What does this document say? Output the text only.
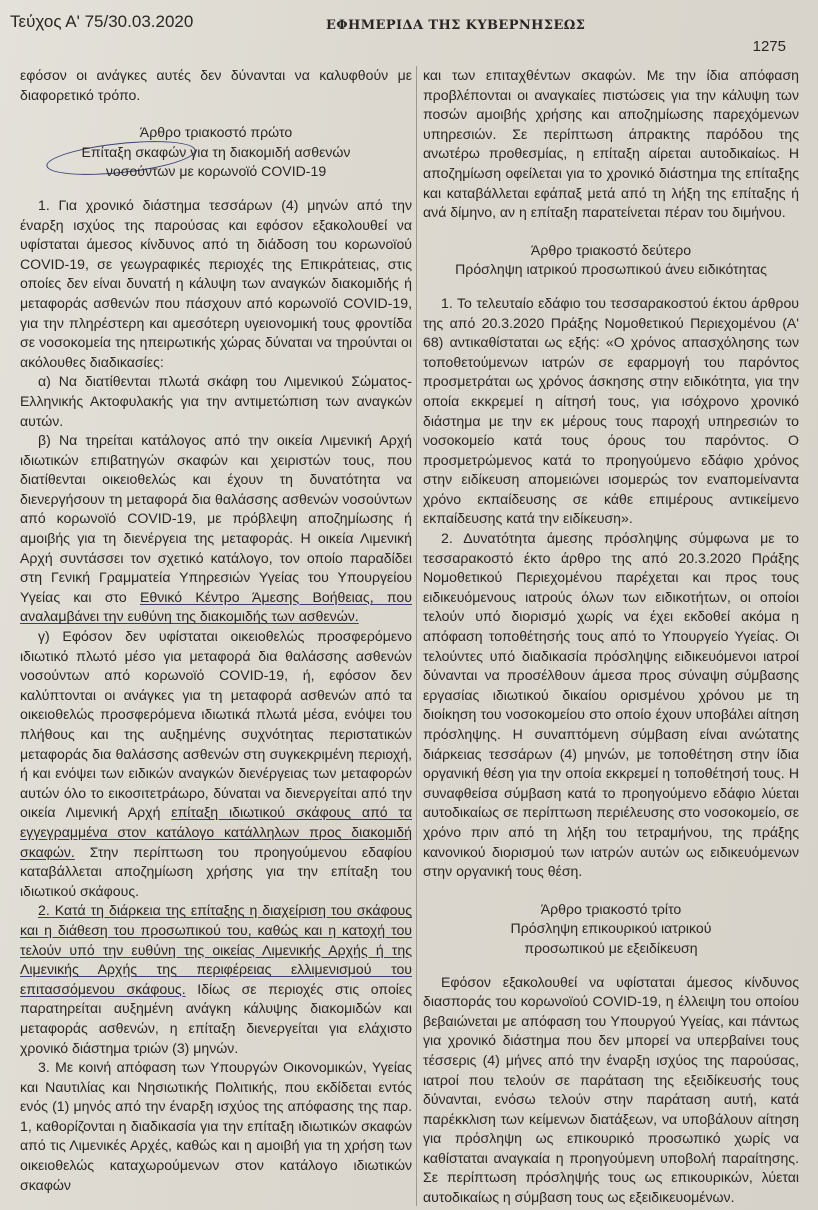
Τεύχος Α' 75/30.03.2020	ΕΦΗΜΕΡΙΔΑ ΤΗΣ ΚΥΒΕΡΝΗΣΕΩΣ
1275

εφόσον οι ανάγκες αυτές δεν δύνανται να καλυφθούν με διαφορετικό τρόπο.

Άρθρο τριακοστό πρώτο
Επίταξη σκαφών για τη διακομιδή ασθενών νοσούντων με κορωνοϊό COVID-19

1. Για χρονικό διάστημα τεσσάρων (4) μηνών από την έναρξη ισχύος της παρούσας και εφόσον εξακολουθεί να υφίσταται άμεσος κίνδυνος από τη διάδοση του κορωνοϊού COVID-19, σε γεωγραφικές περιοχές της Επικράτειας, στις οποίες δεν είναι δυνατή η κάλυψη των αναγκών διακομιδής ή μεταφοράς ασθενών που πάσχουν από κορωνοϊό COVID-19, για την πληρέστερη και αμεσότερη υγειονομική τους φροντίδα σε νοσοκομεία της ηπειρωτικής χώρας δύναται να τηρούνται οι ακόλουθες διαδικασίες:

α) Να διατίθενται πλωτά σκάφη του Λιμενικού Σώματος-Ελληνικής Ακτοφυλακής για την αντιμετώπιση των αναγκών αυτών.

β) Να τηρείται κατάλογος από την οικεία Λιμενική Αρχή ιδιωτικών επιβατηγών σκαφών και χειριστών τους, που διατίθενται οικειοθελώς και έχουν τη δυνατότητα να διενεργήσουν τη μεταφορά δια θαλάσσης ασθενών νοσούντων από κορωνοϊό COVID-19, με πρόβλεψη αποζημίωσης ή αμοιβής για τη διενέργεια της μεταφοράς. Η οικεία Λιμενική Αρχή συντάσσει τον σχετικό κατάλογο, τον οποίο παραδίδει στη Γενική Γραμματεία Υπηρεσιών Υγείας του Υπουργείου Υγείας και στο Εθνικό Κέντρο Άμεσης Βοήθειας, που αναλαμβάνει την ευθύνη της διακομιδής των ασθενών.

γ) Εφόσον δεν υφίσταται οικειοθελώς προσφερόμενο ιδιωτικό πλωτό μέσο για μεταφορά δια θαλάσσης ασθενών νοσούντων από κορωνοϊό COVID-19, ή, εφόσον δεν καλύπτονται οι ανάγκες για τη μεταφορά ασθενών από τα οικειοθελώς προσφερόμενα ιδιωτικά πλωτά μέσα, ενόψει του πλήθους και της αυξημένης συχνότητας περιστατικών μεταφοράς δια θαλάσσης ασθενών στη συγκεκριμένη περιοχή, ή και ενόψει των ειδικών αναγκών διενέργειας των μεταφορών αυτών όλο το εικοσιτετράωρο, δύναται να διενεργείται από την οικεία Λιμενική Αρχή επίταξη ιδιωτικού σκάφους από τα εγγεγραμμένα στον κατάλογο κατάλληλων προς διακομιδή σκαφών. Στην περίπτωση του προηγούμενου εδαφίου καταβάλλεται αποζημίωση χρήσης για την επίταξη του ιδιωτικού σκάφους.

2. Κατά τη διάρκεια της επίταξης η διαχείριση του σκάφους και η διάθεση του προσωπικού του, καθώς και η κατοχή του τελούν υπό την ευθύνη της οικείας Λιμενικής Αρχής ή της Λιμενικής Αρχής της περιφέρειας ελλιμενισμού του επιτασσόμενου σκάφους. Ιδίως σε περιοχές στις οποίες παρατηρείται αυξημένη ανάγκη κάλυψης διακομιδών και μεταφοράς ασθενών, η επίταξη διενεργείται για ελάχιστο χρονικό διάστημα τριών (3) μηνών.

3. Με κοινή απόφαση των Υπουργών Οικονομικών, Υγείας και Ναυτιλίας και Νησιωτικής Πολιτικής, που εκδίδεται εντός ενός (1) μηνός από την έναρξη ισχύος της απόφασης της παρ. 1, καθορίζονται η διαδικασία για την επίταξη ιδιωτικών σκαφών από τις Λιμενικές Αρχές, καθώς και η αμοιβή για τη χρήση των οικειοθελώς καταχωρούμενων στον κατάλογο ιδιωτικών σκαφών

και των επιταχθέντων σκαφών. Με την ίδια απόφαση προβλέπονται οι αναγκαίες πιστώσεις για την κάλυψη των ποσών αμοιβής χρήσης και αποζημίωσης παρεχόμενων υπηρεσιών. Σε περίπτωση άπρακτης παρόδου της ανωτέρω προθεσμίας, η επίταξη αίρεται αυτοδικαίως. Η αποζημίωση οφείλεται για το χρονικό διάστημα της επίταξης και καταβάλλεται εφάπαξ μετά από τη λήξη της επίταξης ή ανά δίμηνο, αν η επίταξη παρατείνεται πέραν του διμήνου.

Άρθρο τριακοστό δεύτερο
Πρόσληψη ιατρικού προσωπικού άνευ ειδικότητας

1. Το τελευταίο εδάφιο του τεσσαρακοστού έκτου άρθρου της από 20.3.2020 Πράξης Νομοθετικού Περιεχομένου (Α' 68) αντικαθίσταται ως εξής: «Ο χρόνος απασχόλησης των τοποθετούμενων ιατρών σε εφαρμογή του παρόντος προσμετράται ως χρόνος άσκησης στην ειδικότητα, για την οποία εκκρεμεί η αίτησή τους, για ισόχρονο χρονικό διάστημα με την εκ μέρους τους παροχή υπηρεσιών το νοσοκομείο κατά τους όρους του παρόντος. Ο προσμετρώμενος κατά το προηγούμενο εδάφιο χρόνος στην ειδίκευση απομειώνει ισομερώς τον εναπομείναντα χρόνο εκπαίδευσης σε κάθε επιμέρους αντικείμενο εκπαίδευσης κατά την ειδίκευση».

2. Δυνατότητα άμεσης πρόσληψης σύμφωνα με το τεσσαρακοστό έκτο άρθρο της από 20.3.2020 Πράξης Νομοθετικού Περιεχομένου παρέχεται και προς τους ειδικευόμενους ιατρούς όλων των ειδικοτήτων, οι οποίοι τελούν υπό διορισμό χωρίς να έχει εκδοθεί ακόμα η απόφαση τοποθέτησής τους από το Υπουργείο Υγείας. Οι τελούντες υπό διαδικασία πρόσληψης ειδικευόμενοι ιατροί δύνανται να προσέλθουν άμεσα προς σύναψη σύμβασης εργασίας ιδιωτικού δικαίου ορισμένου χρόνου με τη διοίκηση του νοσοκομείου στο οποίο έχουν υποβάλει αίτηση πρόσληψης. Η συναπτόμενη σύμβαση είναι ανώτατης διάρκειας τεσσάρων (4) μηνών, με τοποθέτηση στην ίδια οργανική θέση για την οποία εκκρεμεί η τοποθέτησή τους. Η συναφθείσα σύμβαση κατά το προηγούμενο εδάφιο λύεται αυτοδικαίως σε περίπτωση περιέλευσης στο νοσοκομείο, σε χρόνο πριν από τη λήξη του τετραμήνου, της πράξης κανονικού διορισμού των ιατρών αυτών ως ειδικευόμενων στην οργανική τους θέση.

Άρθρο τριακοστό τρίτο
Πρόσληψη επικουρικού ιατρικού προσωπικού με εξειδίκευση

Εφόσον εξακολουθεί να υφίσταται άμεσος κίνδυνος διασποράς του κορωνοϊού COVID-19, η έλλειψη του οποίου βεβαιώνεται με απόφαση του Υπουργού Υγείας, και πάντως για χρονικό διάστημα που δεν μπορεί να υπερβαίνει τους τέσσερις (4) μήνες από την έναρξη ισχύος της παρούσας, ιατροί που τελούν σε παράταση της εξειδίκευσής τους δύνανται, ενόσω τελούν στην παράταση αυτή, κατά παρέκκλιση των κείμενων διατάξεων, να υποβάλουν αίτηση για πρόσληψη ως επικουρικό προσωπικό χωρίς να καθίσταται αναγκαία η προηγούμενη υποβολή παραίτησης. Σε περίπτωση πρόσληψής τους ως επικουρικών, λύεται αυτοδικαίως η σύμβαση τους ως εξειδικευομένων.
